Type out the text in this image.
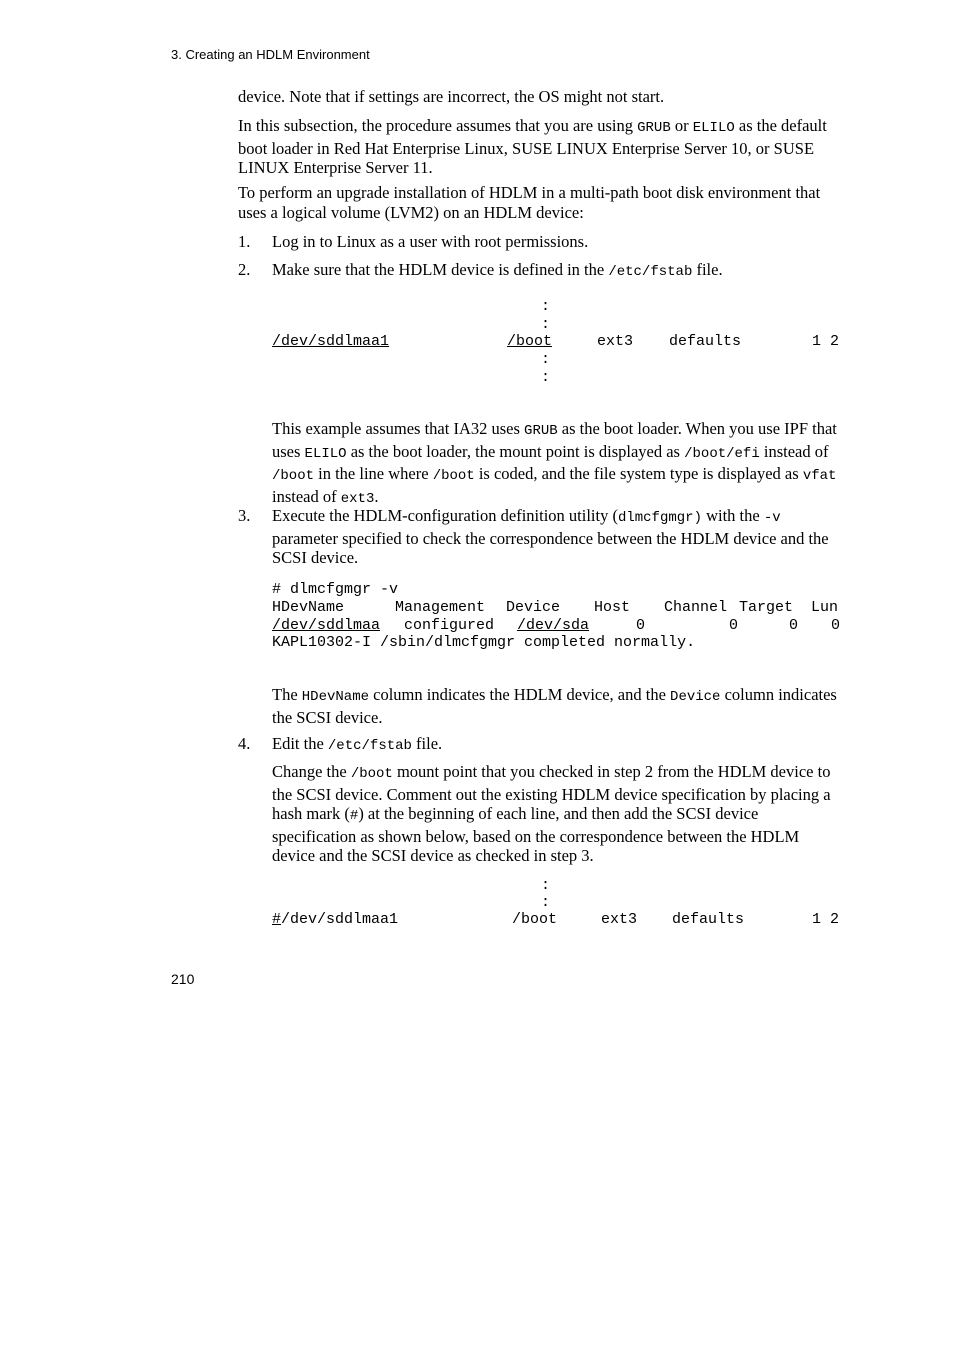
3. Creating an HDLM Environment
device. Note that if settings are incorrect, the OS might not start.
In this subsection, the procedure assumes that you are using GRUB or ELILO as the default boot loader in Red Hat Enterprise Linux, SUSE LINUX Enterprise Server 10, or SUSE LINUX Enterprise Server 11.
To perform an upgrade installation of HDLM in a multi-path boot disk environment that uses a logical volume (LVM2) on an HDLM device:
1. Log in to Linux as a user with root permissions.
2. Make sure that the HDLM device is defined in the /etc/fstab file.
:
:
/dev/sddlmaa1	/boot	ext3 defaults	1 2
:
:
This example assumes that IA32 uses GRUB as the boot loader. When you use IPF that uses ELILO as the boot loader, the mount point is displayed as /boot/efi instead of /boot in the line where /boot is coded, and the file system type is displayed as vfat instead of ext3.
3. Execute the HDLM-configuration definition utility (dlmcfgmgr) with the -v parameter specified to check the correspondence between the HDLM device and the SCSI device.
# dlmcfgmgr -v
HDevName	Management Device Host Channel Target Lun
/dev/sddlmaa configured /dev/sda	0	0	0 0
KAPL10302-I /sbin/dlmcfgmgr completed normally.
The HDevName column indicates the HDLM device, and the Device column indicates the SCSI device.
4. Edit the /etc/fstab file.
Change the /boot mount point that you checked in step 2 from the HDLM device to the SCSI device. Comment out the existing HDLM device specification by placing a hash mark (#) at the beginning of each line, and then add the SCSI device specification as shown below, based on the correspondence between the HDLM device and the SCSI device as checked in step 3.
:
:
# /dev/sddlmaa1	/boot	ext3 defaults	1 2
210
